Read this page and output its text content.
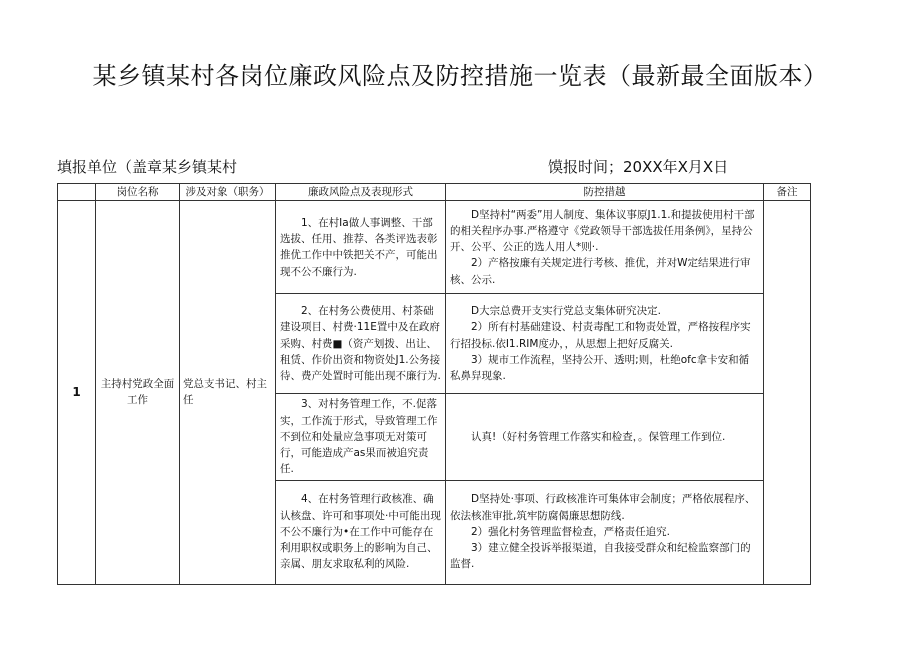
某乡镇某村各岗位廉政风险点及防控措施一览表（最新最全面版本）
填报单位（盖章某乡镇某村	馍报时间；20XX年X月X日
	岗位名称	涉及对象（职务）	廉政风险点及表现形式	防控措越	备注
1	主持村党政全面工作	党总支书记、村主任	1、在村Ia做人事调整、干部选拔、任用、推荐、各类评选表彰推优工作中中铁把关不产，可能出现不公不廉行为.	D坚持村“两委”用人制度、集体议事原J1.1.和提拔使用村干部的相关程序办事.严格遵守《党政领导干部选拔任用条例》，星持公开、公平、公正的选人用人*则·.

2）产格按廉有关规定进行考核、推优，并对W定结果进行审核、公示.	

			2、在村务公费使用、村茶础建设项目、村费·11E置中及在政府采购、村费■（资产划拨、出让、租赁、作价出资和物资处J1.公务接待、费产处置时可能出现不廉行为.	D大宗总费开支实行党总支集体研究决定.

2）所有村基础建设、村责毒配工和物责处置，严格按程序实行招投标.依I1.RIM度办，，从思想上把好反腐关.

3）规市工作流程，坚持公开、透明;则，杜绝ofc拿卡安和循私鼻舁现象.	

			3、对村务管理工作，不.促落实，工作流于形式，导致管理工作不到位和处量应急事项无对策可行，可能造成产as果而被追究责任.	认真!（好村务管理工作落实和检查，。保管理工作到位.	

			4、在村务管理行政核准、确认核盘、许可和事项处·中可能出现不公不廉行为•在工作中可能存在利用职权或职务上的影响为自己、亲属、朋友求取私利的风险.	D坚持处·事项、行政核准许可集体审会制度；严格依展程序、依法核准审批,筑牢防腐偈廉思想防线.

2）强化村务管理监督检查，严格责任追究.

3）建立健全投诉举报渠道，自我接受群众和纪检监察部门的监督.	
